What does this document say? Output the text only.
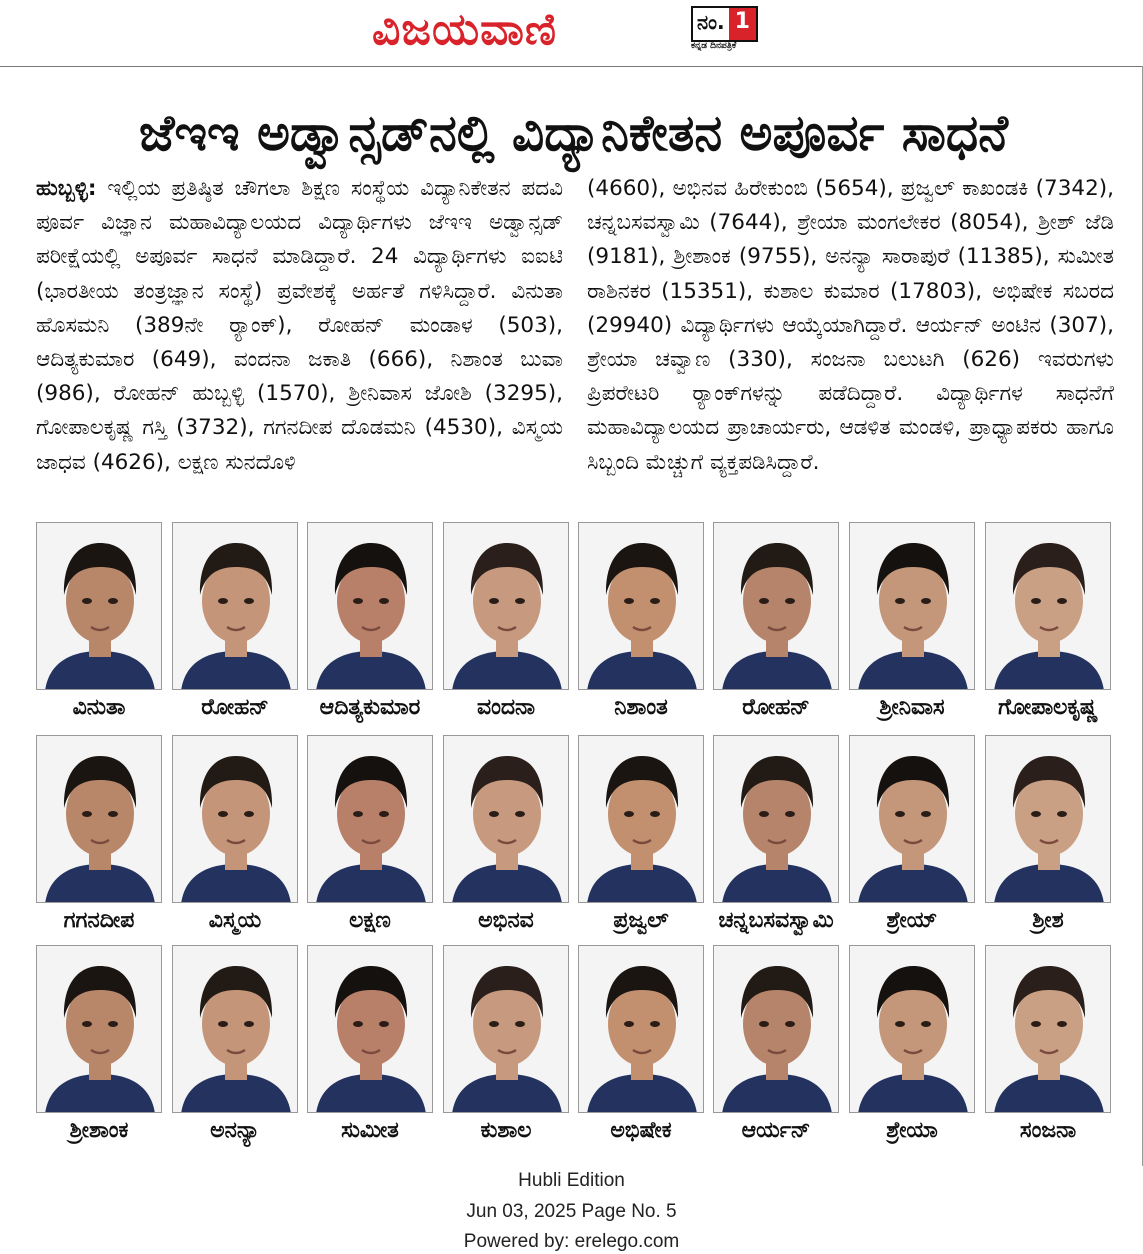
ವಿಜಯವಾಣಿ	ನಂ. 1
ಕನ್ನಡ ದಿನಪತ್ರಿಕೆ
ಜೆಇಇ ಅಡ್ವಾನ್ಸಡ್‌ನಲ್ಲಿ ವಿದ್ಯಾನಿಕೇತನ ಅಪೂರ್ವ ಸಾಧನೆ
ಹುಬ್ಬಳ್ಳಿ: ಇಲ್ಲಿಯ ಪ್ರತಿಷ್ಠಿತ ಚೌಗಲಾ ಶಿಕ್ಷಣ ಸಂಸ್ಥೆಯ ವಿದ್ಯಾನಿಕೇತನ ಪದವಿ ಪೂರ್ವ ವಿಜ್ಞಾನ ಮಹಾವಿದ್ಯಾಲಯದ ವಿದ್ಯಾರ್ಥಿಗಳು ಜೆಇಇ ಅಡ್ವಾನ್ಸಡ್ ಪರೀಕ್ಷೆಯಲ್ಲಿ ಅಪೂರ್ವ ಸಾಧನೆ ಮಾಡಿದ್ದಾರೆ. 24 ವಿದ್ಯಾರ್ಥಿಗಳು ಐಐಟಿ (ಭಾರತೀಯ ತಂತ್ರಜ್ಞಾನ ಸಂಸ್ಥೆ) ಪ್ರವೇಶಕ್ಕೆ ಅರ್ಹತೆ ಗಳಿಸಿದ್ದಾರೆ. ವಿನುತಾ ಹೊಸಮನಿ (389ನೇ ರ‍್ಯಾಂಕ್), ರೋಹನ್ ಮಂಡಾಳ (503), ಆದಿತ್ಯಕುಮಾರ (649), ವಂದನಾ ಜಕಾತಿ (666), ನಿಶಾಂತ ಬುವಾ (986), ರೋಹನ್ ಹುಬ್ಬಳ್ಳಿ (1570), ಶ್ರೀನಿವಾಸ ಜೋಶಿ (3295), ಗೋಪಾಲಕೃಷ್ಣ ಗಸ್ತಿ (3732), ಗಗನದೀಪ ದೊಡಮನಿ (4530), ವಿಸ್ಮಯ ಜಾಧವ (4626), ಲಕ್ಷಣ ಸುನದೊಳಿ
(4660), ಅಭಿನವ ಹಿರೇಕುಂಬಿ (5654), ಪ್ರಜ್ವಲ್ ಕಾಖಂಡಕಿ (7342), ಚನ್ನಬಸವಸ್ವಾಮಿ (7644), ಶ್ರೇಯಾ ಮಂಗಲೇಕರ (8054), ಶ್ರೀಶ್ ಜೆಡಿ (9181), ಶ್ರೀಶಾಂಕ (9755), ಅನನ್ಯಾ ಸಾರಾಪುರೆ (11385), ಸುಮೀತ ರಾಶಿನಕರ (15351), ಕುಶಾಲ ಕುಮಾರ (17803), ಅಭಿಷೇಕ ಸಬರದ (29940) ವಿದ್ಯಾರ್ಥಿಗಳು ಆಯ್ಕೆಯಾಗಿದ್ದಾರೆ. ಆರ್ಯನ್ ಅಂಟಿನ (307), ಶ್ರೇಯಾ ಚವ್ವಾಣ (330), ಸಂಜನಾ ಬಲುಟಗಿ (626) ಇವರುಗಳು ಪ್ರಿಪರೇಟರಿ ರ‍್ಯಾಂಕ್‌ಗಳನ್ನು ಪಡೆದಿದ್ದಾರೆ. ವಿದ್ಯಾರ್ಥಿಗಳ ಸಾಧನೆಗೆ ಮಹಾವಿದ್ಯಾಲಯದ ಪ್ರಾಚಾರ್ಯರು, ಆಡಳಿತ ಮಂಡಳಿ, ಪ್ರಾಧ್ಯಾಪಕರು ಹಾಗೂ ಸಿಬ್ಬಂದಿ ಮೆಚ್ಚುಗೆ ವ್ಯಕ್ತಪಡಿಸಿದ್ದಾರೆ.
ವಿನುತಾ	ರೋಹನ್	ಆದಿತ್ಯಕುಮಾರ	ವಂದನಾ	ನಿಶಾಂತ	ರೋಹನ್	ಶ್ರೀನಿವಾಸ	ಗೋಪಾಲಕೃಷ್ಣ
ಗಗನದೀಪ	ವಿಸ್ಮಯ	ಲಕ್ಷಣ	ಅಭಿನವ	ಪ್ರಜ್ವಲ್	ಚನ್ನಬಸವಸ್ವಾಮಿ	ಶ್ರೇಯ್	ಶ್ರೀಶ
ಶ್ರೀಶಾಂಕ	ಅನನ್ಯಾ	ಸುಮೀತ	ಕುಶಾಲ	ಅಭಿಷೇಕ	ಆರ್ಯನ್	ಶ್ರೇಯಾ	ಸಂಜನಾ
Hubli Edition
Jun 03, 2025 Page No. 5
Powered by: erelego.com
